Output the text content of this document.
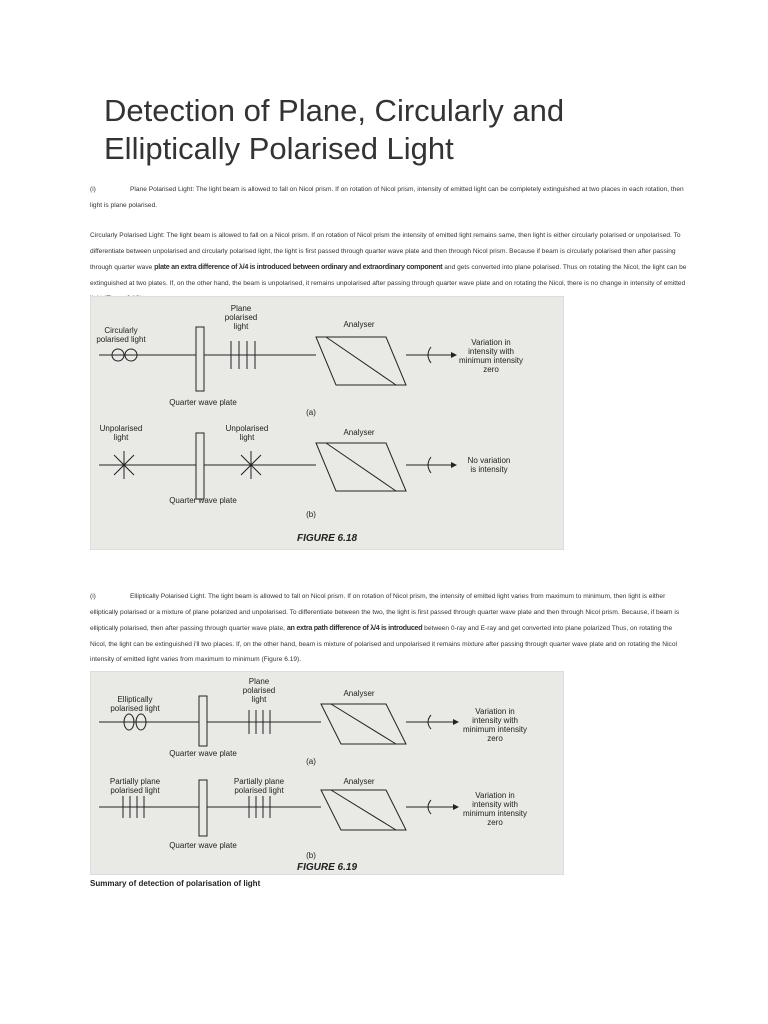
Detection of Plane, Circularly and Elliptically Polarised Light

(i)	Plane Polarised Light: The light beam is allowed to fall on Nicol prism. If on rotation of Nicol prism, intensity of emitted light can be completely extinguished at two places in each rotation, then light is plane polarised.

Circularly Polarised Light: The light beam is allowed to fall on a Nicol prism. If on rotation of Nicol prism the intensity of emitted light remains same, then light is either circularly polarised or unpolarised. To differentiate between unpolarised and circularly polarised light, the light is first passed through quarter wave plate and then through Nicol prism. Because if beam is circularly polarised then after passing through quarter wave plate an extra difference of λ/4 is introduced between ordinary and extraordinary component and gets converted into plane polarised. Thus on rotating the Nicol, the light can be extinguished at two plates. If, on the other hand, the beam is unpolarised, it remains unpolarised after passing through quarter wave plate and on rotating the Nicol, there is no change in intensity of emitted

Circularly
polarised light
Plane
polarised
light	Analyser
Variation in
intensity with
minimum intensity
zero
Quarter wave plate
(a)
Unpolarised
light
Unpolarised
light
Analyser
No variation
is intensity
Quarter wave plate
(b)
FIGURE 6.18

(i)	Elliptically Polarised Light. The light beam is allowed to fall on Nicol prism. If on rotation of Nicol prism, the intensity of emitted light varies from maximum to minimum, then light is either elliptically polarised or a mixture of plane polarized and unpolarised. To differentiate between the two, the light is first passed through quarter wave plate and then through Nicol prism. Because, if beam is elliptically polarised, then after passing through quarter wave plate, an extra path difference of λ/4 is introduced between 0-ray and E-ray and get converted into plane polarized Thus, on rotating the Nicol, the light can be extinguished i'll two places. If, on the other hand, beam is mixture of polarised and unpolarised it remains mixture after passing through quarter wave plate and on rotating the Nicol intensity of emitted light varies from maximum to minimum (Figure 6.19).

Elliptically
polarised light
Plane
polarised
light
Analyser
Variation in
intensity with
minimum intensity
zero
Quarter wave plate
(a)
Partially plane
polarised light
Partially plane
polarised light
Analyser
Variation in
intensity with
minimum intensity
zero
Quarter wave plate
(b)
FIGURE 6.19
Summary of detection of polarisation of light
